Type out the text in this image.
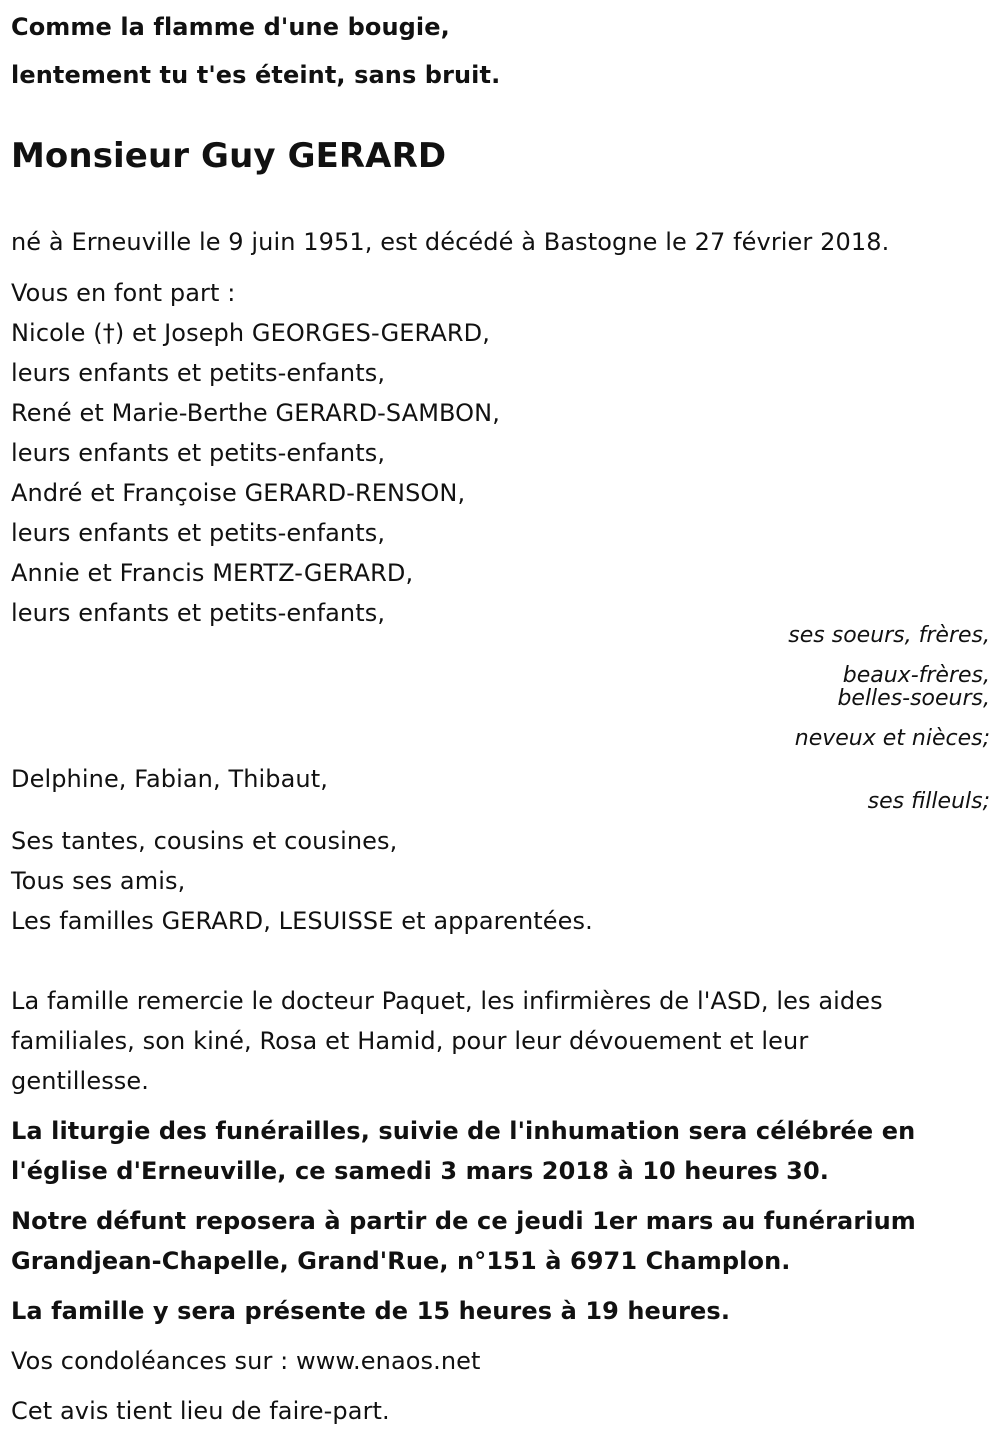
Comme la flamme d'une bougie,
lentement tu t'es éteint, sans bruit.
Monsieur Guy GERARD
né à Erneuville le 9 juin 1951, est décédé à Bastogne le 27 février 2018.
Vous en font part :
Nicole (†) et Joseph GEORGES-GERARD,
leurs enfants et petits-enfants,
René et Marie-Berthe GERARD-SAMBON,
leurs enfants et petits-enfants,
André et Françoise GERARD-RENSON,
leurs enfants et petits-enfants,
Annie et Francis MERTZ-GERARD,
leurs enfants et petits-enfants,
ses soeurs, frères,
beaux-frères,
belles-soeurs,
neveux et nièces;
Delphine, Fabian, Thibaut,
ses filleuls;
Ses tantes, cousins et cousines,
Tous ses amis,
Les familles GERARD, LESUISSE et apparentées.
La famille remercie le docteur Paquet, les infirmières de l'ASD, les aides
familiales, son kiné, Rosa et Hamid, pour leur dévouement et leur
gentillesse.
La liturgie des funérailles, suivie de l'inhumation sera célébrée en
l'église d'Erneuville, ce samedi 3 mars 2018 à 10 heures 30.
Notre défunt reposera à partir de ce jeudi 1er mars au funérarium
Grandjean-Chapelle, Grand'Rue, n°151 à 6971 Champlon.
La famille y sera présente de 15 heures à 19 heures.
Vos condoléances sur : www.enaos.net
Cet avis tient lieu de faire-part.
